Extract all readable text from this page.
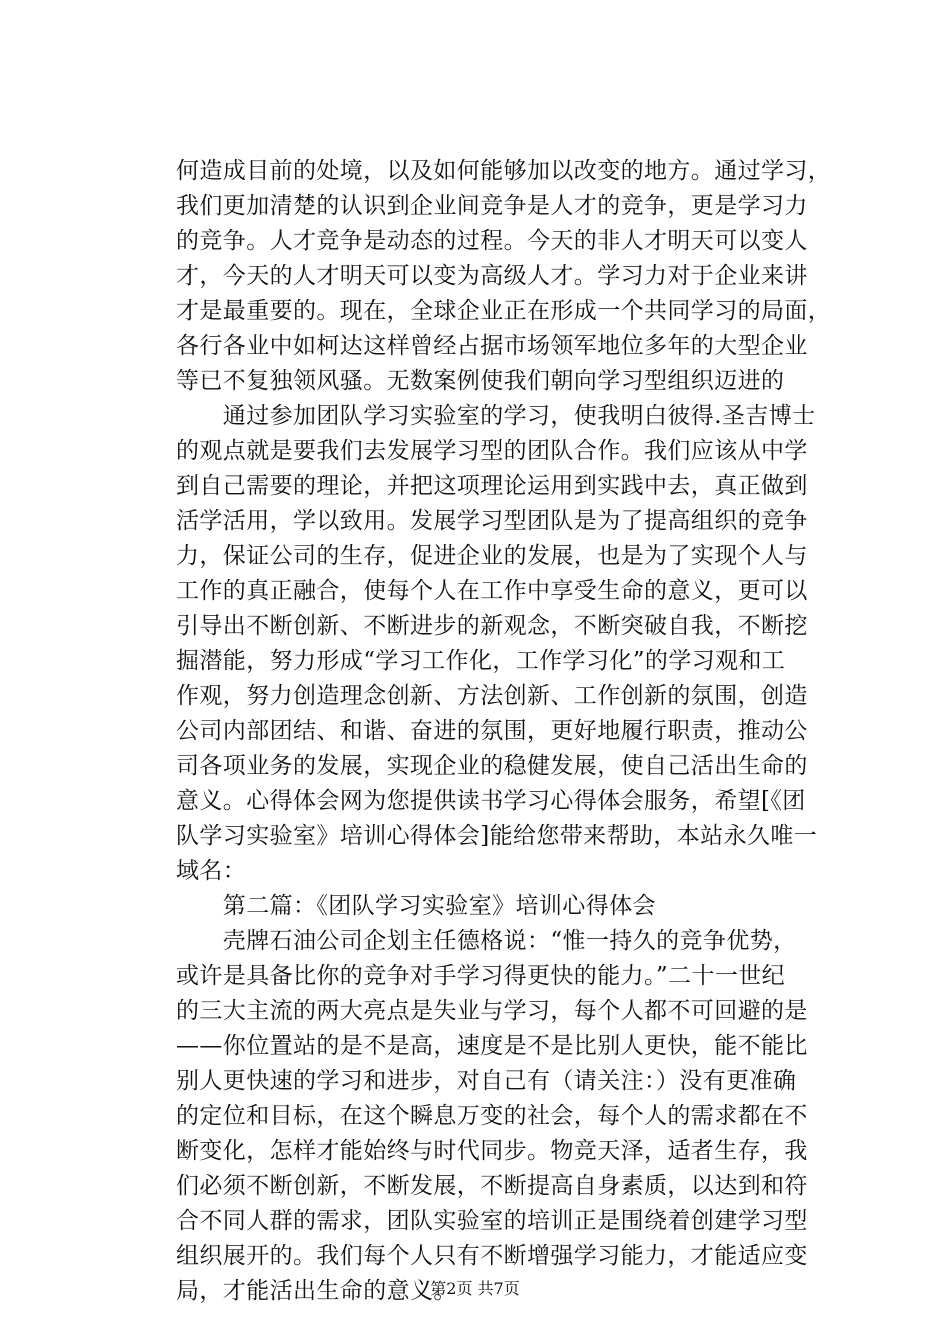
何造成目前的处境，以及如何能够加以改变的地方。通过学习，
我们更加清楚的认识到企业间竞争是人才的竞争，更是学习力
的竞争。人才竞争是动态的过程。今天的非人才明天可以变人
才，今天的人才明天可以变为高级人才。学习力对于企业来讲
才是最重要的。现在，全球企业正在形成一个共同学习的局面，
各行各业中如柯达这样曾经占据市场领军地位多年的大型企业
等已不复独领风骚。无数案例使我们朝向学习型组织迈进的
　　通过参加团队学习实验室的学习，使我明白彼得.圣吉博士
的观点就是要我们去发展学习型的团队合作。我们应该从中学
到自己需要的理论，并把这项理论运用到实践中去，真正做到
活学活用，学以致用。发展学习型团队是为了提高组织的竞争
力，保证公司的生存，促进企业的发展，也是为了实现个人与
工作的真正融合，使每个人在工作中享受生命的意义，更可以
引导出不断创新、不断进步的新观念，不断突破自我，不断挖
掘潜能，努力形成“学习工作化，工作学习化”的学习观和工
作观，努力创造理念创新、方法创新、工作创新的氛围，创造
公司内部团结、和谐、奋进的氛围，更好地履行职责，推动公
司各项业务的发展，实现企业的稳健发展，使自己活出生命的
意义。心得体会网为您提供读书学习心得体会服务，希望[《团
队学习实验室》培训心得体会]能给您带来帮助，本站永久唯一
域名：
　　第二篇：《团队学习实验室》培训心得体会
　　壳牌石油公司企划主任德格说：“惟一持久的竞争优势，
或许是具备比你的竞争对手学习得更快的能力。”二十一世纪
的三大主流的两大亮点是失业与学习，每个人都不可回避的是
——你位置站的是不是高，速度是不是比别人更快，能不能比
别人更快速的学习和进步，对自己有（请关注：）没有更准确
的定位和目标，在这个瞬息万变的社会，每个人的需求都在不
断变化，怎样才能始终与时代同步。物竞天泽，适者生存，我
们必须不断创新，不断发展，不断提高自身素质，以达到和符
合不同人群的需求，团队实验室的培训正是围绕着创建学习型
组织展开的。我们每个人只有不断增强学习能力，才能适应变
局，才能活出生命的意义。
第2页 共7页
